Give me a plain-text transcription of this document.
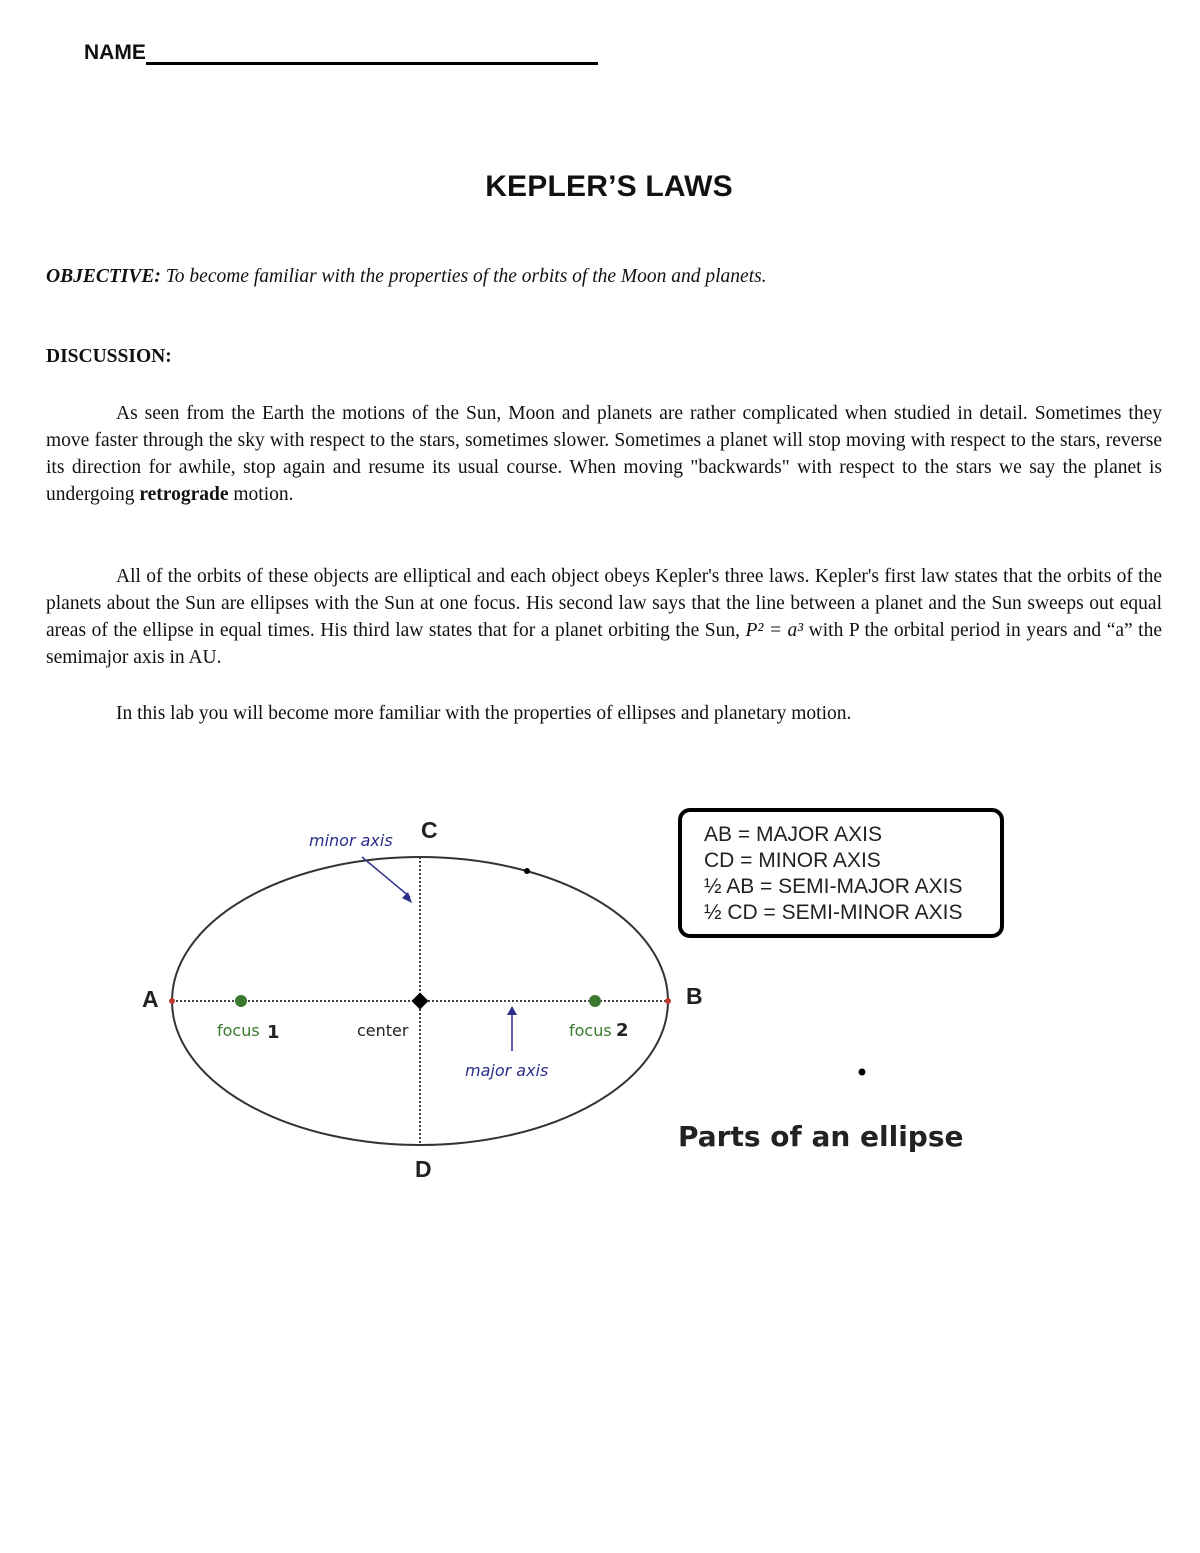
NAME
KEPLER’S LAWS
OBJECTIVE: To become familiar with the properties of the orbits of the Moon and planets.
DISCUSSION:

As seen from the Earth the motions of the Sun, Moon and planets are rather complicated when studied in detail. Sometimes they move faster through the sky with respect to the stars, sometimes slower. Sometimes a planet will stop moving with respect to the stars, reverse its direction for awhile, stop again and resume its usual course. When moving "backwards" with respect to the stars we say the planet is undergoing retrograde motion.

All of the orbits of these objects are elliptical and each object obeys Kepler's three laws. Kepler's first law states that the orbits of the planets about the Sun are ellipses with the Sun at one focus. His second law says that the line between a planet and the Sun sweeps out equal areas of the ellipse in equal times. His third law states that for a planet orbiting the Sun, P² = a³ with P the orbital period in years and “a” the semimajor axis in AU.

In this lab you will become more familiar with the properties of ellipses and planetary motion.

A	B
C
D
minor axis
major axis
focus 1	focus 2
center
AB = MAJOR AXIS
CD = MINOR AXIS
½ AB = SEMI-MAJOR AXIS
½ CD = SEMI-MINOR AXIS
Parts of an ellipse
